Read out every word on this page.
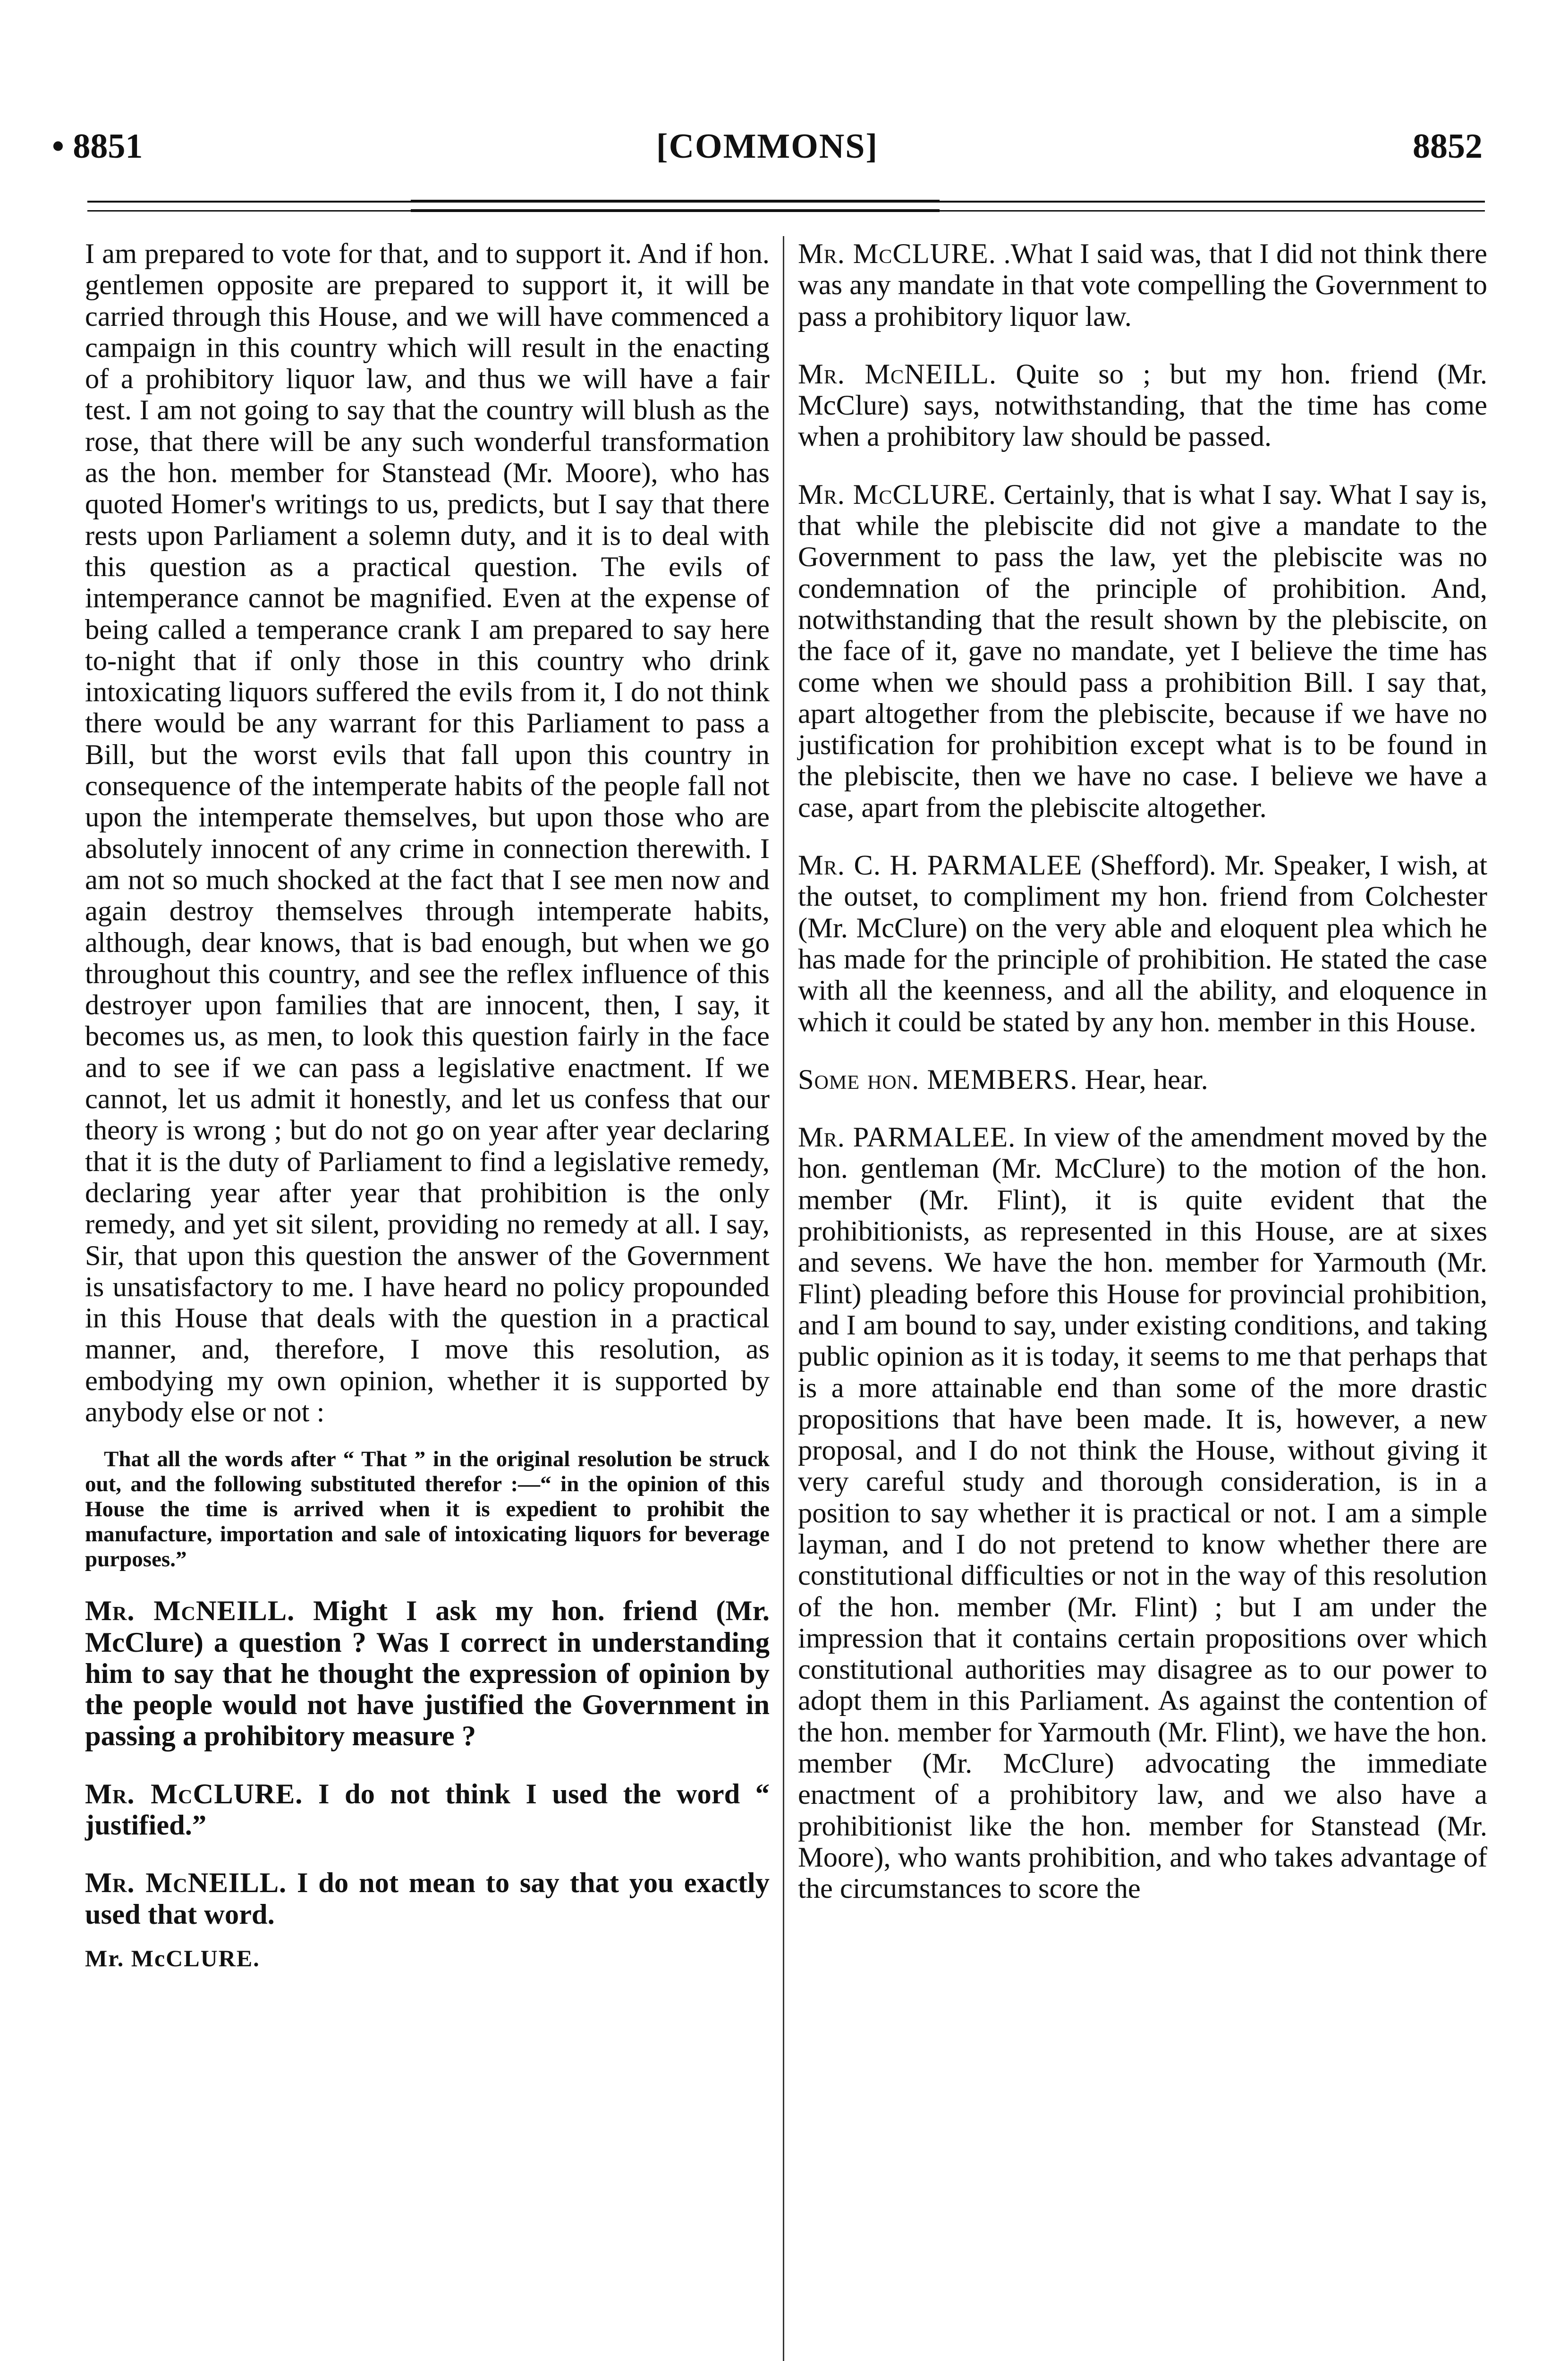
• 8851	[COMMONS]	8852

I am prepared to vote for that, and to support it. And if hon. gentlemen opposite are prepared to support it, it will be carried through this House, and we will have commenced a campaign in this country which will result in the enacting of a prohibitory liquor law, and thus we will have a fair test. I am not going to say that the country will blush as the rose, that there will be any such wonderful transformation as the hon. member for Stanstead (Mr. Moore), who has quoted Homer's writings to us, predicts, but I say that there rests upon Parliament a solemn duty, and it is to deal with this question as a practical question. The evils of intemperance cannot be magnified. Even at the expense of being called a temperance crank I am prepared to say here to-night that if only those in this country who drink intoxicating liquors suffered the evils from it, I do not think there would be any warrant for this Parliament to pass a Bill, but the worst evils that fall upon this country in consequence of the intemperate habits of the people fall not upon the intemperate themselves, but upon those who are absolutely innocent of any crime in connection therewith. I am not so much shocked at the fact that I see men now and again destroy themselves through intemperate habits, although, dear knows, that is bad enough, but when we go throughout this country, and see the reflex influence of this destroyer upon families that are innocent, then, I say, it becomes us, as men, to look this question fairly in the face and to see if we can pass a legislative enactment. If we cannot, let us admit it honestly, and let us confess that our theory is wrong ; but do not go on year after year declaring that it is the duty of Parliament to find a legislative remedy, declaring year after year that prohibition is the only remedy, and yet sit silent, providing no remedy at all. I say, Sir, that upon this question the answer of the Government is unsatisfactory to me. I have heard no policy propounded in this House that deals with the question in a practical manner, and, therefore, I move this resolution, as embodying my own opinion, whether it is supported by anybody else or not :

That all the words after “ That ” in the original resolution be struck out, and the following substituted therefor :—“ in the opinion of this House the time is arrived when it is expedient to prohibit the manufacture, importation and sale of intoxicating liquors for beverage purposes.”

Mr. McNEILL. Might I ask my hon. friend (Mr. McClure) a question ? Was I correct in understanding him to say that he thought the expression of opinion by the people would not have justified the Government in passing a prohibitory measure ?

Mr. McCLURE. I do not think I used the word “ justified.”

Mr. McNEILL. I do not mean to say that you exactly used that word.

Mr. McCLURE.

Mr. McCLURE. .What I said was, that I did not think there was any mandate in that vote compelling the Government to pass a prohibitory liquor law.

Mr. McNEILL. Quite so ; but my hon. friend (Mr. McClure) says, notwithstanding, that the time has come when a prohibitory law should be passed.

Mr. McCLURE. Certainly, that is what I say. What I say is, that while the plebiscite did not give a mandate to the Government to pass the law, yet the plebiscite was no condemnation of the principle of prohibition. And, notwithstanding that the result shown by the plebiscite, on the face of it, gave no mandate, yet I believe the time has come when we should pass a prohibition Bill. I say that, apart altogether from the plebiscite, because if we have no justification for prohibition except what is to be found in the plebiscite, then we have no case. I believe we have a case, apart from the plebiscite altogether.

Mr. C. H. PARMALEE (Shefford). Mr. Speaker, I wish, at the outset, to compliment my hon. friend from Colchester (Mr. McClure) on the very able and eloquent plea which he has made for the principle of prohibition. He stated the case with all the keenness, and all the ability, and eloquence in which it could be stated by any hon. member in this House.

Some hon. MEMBERS. Hear, hear.

Mr. PARMALEE. In view of the amendment moved by the hon. gentleman (Mr. McClure) to the motion of the hon. member (Mr. Flint), it is quite evident that the prohibitionists, as represented in this House, are at sixes and sevens. We have the hon. member for Yarmouth (Mr. Flint) pleading before this House for provincial prohibition, and I am bound to say, under existing conditions, and taking public opinion as it is today, it seems to me that perhaps that is a more attainable end than some of the more drastic propositions that have been made. It is, however, a new proposal, and I do not think the House, without giving it very careful study and thorough consideration, is in a position to say whether it is practical or not. I am a simple layman, and I do not pretend to know whether there are constitutional difficulties or not in the way of this resolution of the hon. member (Mr. Flint) ; but I am under the impression that it contains certain propositions over which constitutional authorities may disagree as to our power to adopt them in this Parliament. As against the contention of the hon. member for Yarmouth (Mr. Flint), we have the hon. member (Mr. McClure) advocating the immediate enactment of a prohibitory law, and we also have a prohibitionist like the hon. member for Stanstead (Mr. Moore), who wants prohibition, and who takes advantage of the circumstances to score the
